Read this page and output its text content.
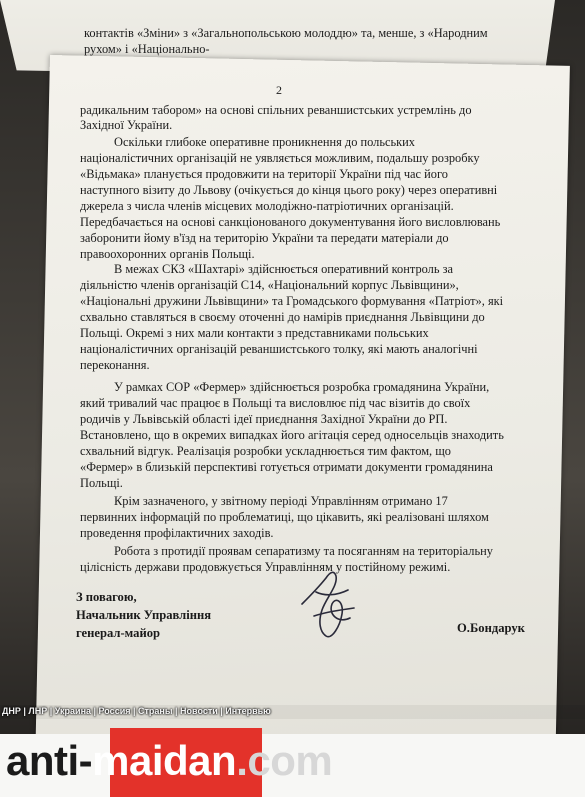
контактів «Зміни» з «Загальнопольською молоддю» та, менше, з «Народним
рухом» і «Національно-
2
радикальним табором» на основі спільних реваншистських устремлінь до
Західної України.
Оскільки глибоке оперативне проникнення до польських
націоналістичних організацій не уявляється можливим, подальшу розробку
«Відьмака» планується продовжити на території України під час його
наступного візиту до Львову (очікується до кінця цього року) через оперативні
джерела з числа членів місцевих молодіжно-патріотичних організацій.
Передбачається на основі санкціонованого документування його висловлювань
заборонити йому в'їзд на територію України та передати матеріали до
правоохоронних органів Польщі.
В межах СКЗ «Шахтарі» здійснюється оперативний контроль за
діяльністю членів організацій С14, «Національний корпус Львівщини»,
«Національні дружини Львівщини» та Громадського формування «Патріот», які
схвально ставляться в своєму оточенні до намірів приєднання Львівщини до
Польщі. Окремі з них мали контакти з представниками польських
націоналістичних організацій реваншистського толку, які мають аналогічні
переконання.
У рамках СОР «Фермер» здійснюється розробка громадянина України,
який тривалий час працює в Польщі та висловлює під час візитів до своїх
родичів у Львівській області ідеї приєднання Західної України до РП.
Встановлено, що в окремих випадках його агітація серед односельців знаходить
схвальний відгук. Реалізація розробки ускладнюється тим фактом, що
«Фермер» в близькій перспективі готується отримати документи громадянина
Польщі.
Крім зазначеного, у звітному періоді Управлінням отримано 17
первинних інформацій по проблематиці, що цікавить, які реалізовані шляхом
проведення профілактичних заходів.
Робота з протидії проявам сепаратизму та посяганням на територіальну
цілісність держави продовжується Управлінням у постійному режимі.
З повагою,
Начальник Управління
генерал-майор	О.Бондарук
ДНР | ЛНР | Украина | Россия | Страны | Новости | Интервью
anti-maidan.com
